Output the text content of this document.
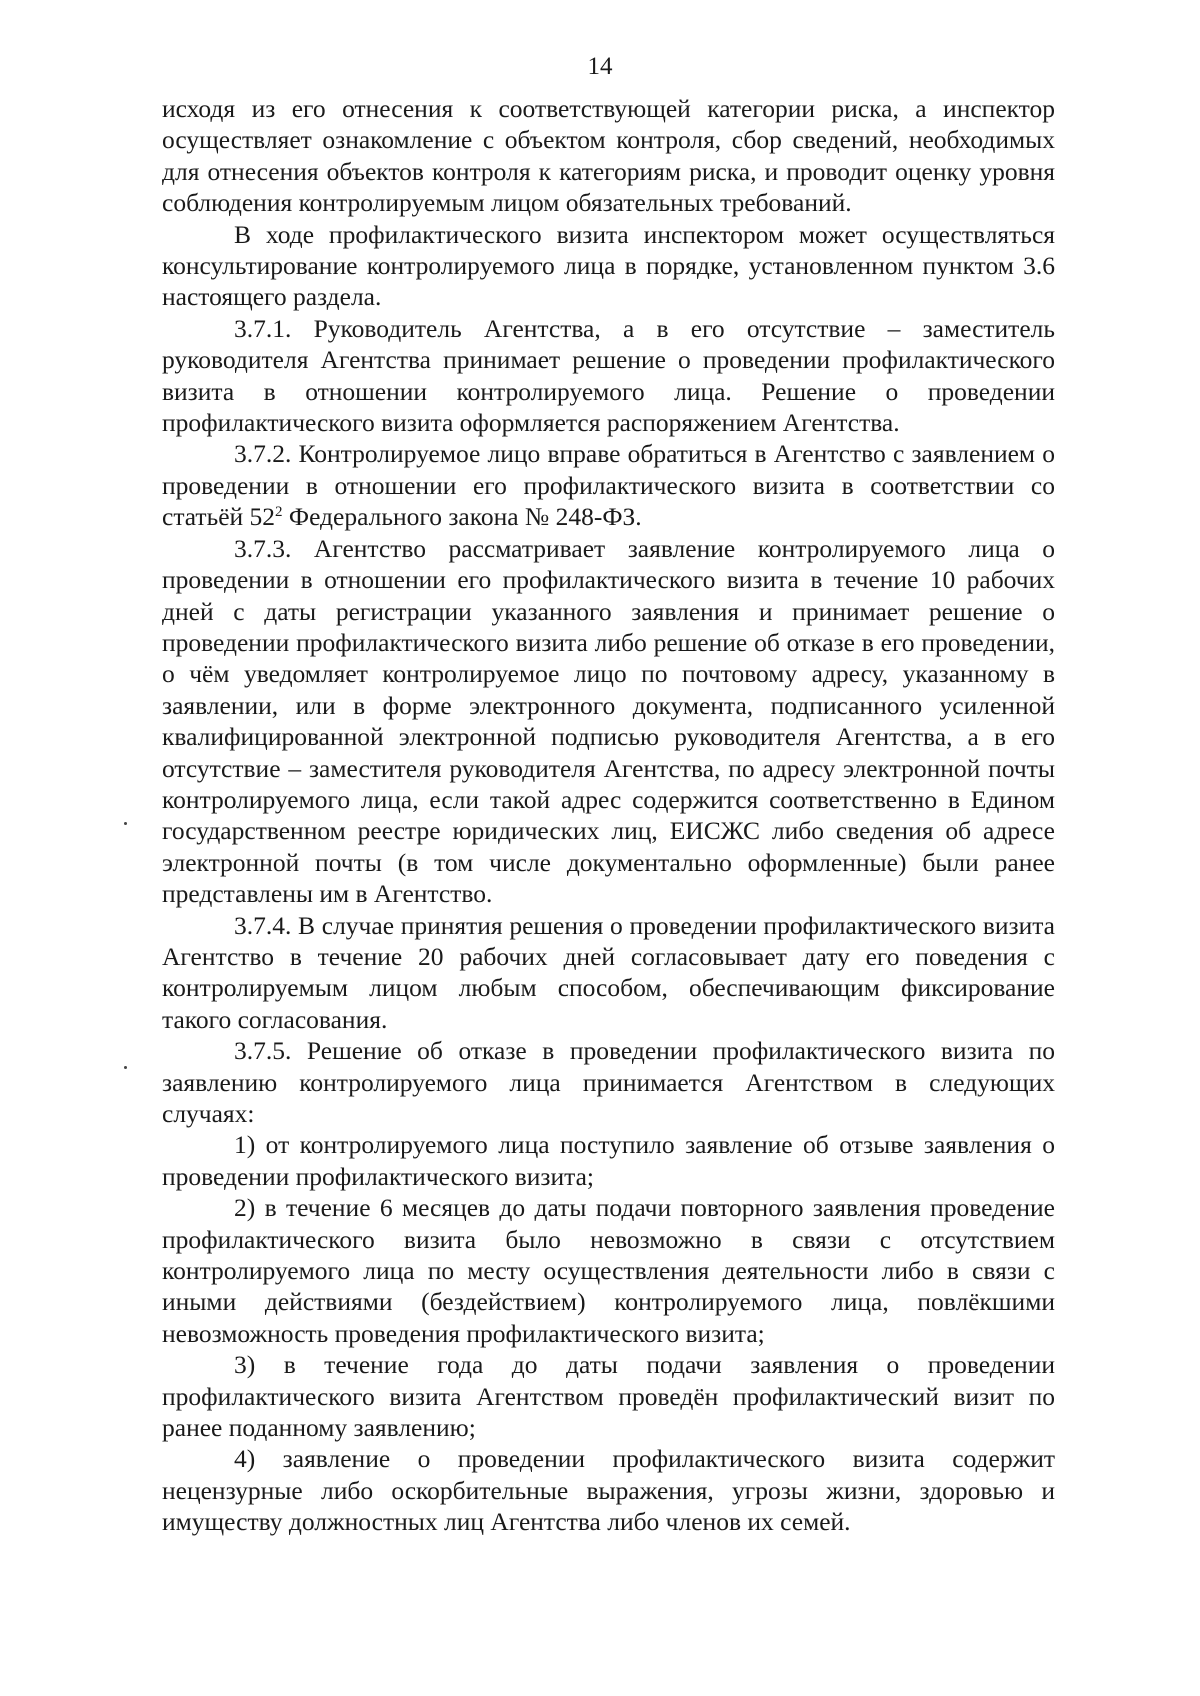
14

исходя из его отнесения к соответствующей категории риска, а инспектор осуществляет ознакомление с объектом контроля, сбор сведений, необходимых для отнесения объектов контроля к категориям риска, и проводит оценку уровня соблюдения контролируемым лицом обязательных требований.

В ходе профилактического визита инспектором может осуществляться консультирование контролируемого лица в порядке, установленном пунктом 3.6 настоящего раздела.

3.7.1. Руководитель Агентства, а в его отсутствие – заместитель руководителя Агентства принимает решение о проведении профилактического визита в отношении контролируемого лица. Решение о проведении профилактического визита оформляется распоряжением Агентства.

3.7.2. Контролируемое лицо вправе обратиться в Агентство с заявлением о проведении в отношении его профилактического визита в соответствии со статьёй $52^2$ Федерального закона № 248-ФЗ.

3.7.3. Агентство рассматривает заявление контролируемого лица о проведении в отношении его профилактического визита в течение 10 рабочих дней с даты регистрации указанного заявления и принимает решение о проведении профилактического визита либо решение об отказе в его проведении, о чём уведомляет контролируемое лицо по почтовому адресу, указанному в заявлении, или в форме электронного документа, подписанного усиленной квалифицированной электронной подписью руководителя Агентства, а в его отсутствие – заместителя руководителя Агентства, по адресу электронной почты контролируемого лица, если такой адрес содержится соответственно в Едином государственном реестре юридических лиц, ЕИСЖС либо сведения об адресе электронной почты (в том числе документально оформленные) были ранее представлены им в Агентство.

3.7.4. В случае принятия решения о проведении профилактического визита Агентство в течение 20 рабочих дней согласовывает дату его поведения с контролируемым лицом любым способом, обеспечивающим фиксирование такого согласования.

3.7.5. Решение об отказе в проведении профилактического визита по заявлению контролируемого лица принимается Агентством в следующих случаях:

1) от контролируемого лица поступило заявление об отзыве заявления о проведении профилактического визита;

2) в течение 6 месяцев до даты подачи повторного заявления проведение профилактического визита было невозможно в связи с отсутствием контролируемого лица по месту осуществления деятельности либо в связи с иными действиями (бездействием) контролируемого лица, повлёкшими невозможность проведения профилактического визита;

3) в течение года до даты подачи заявления о проведении профилактического визита Агентством проведён профилактический визит по ранее поданному заявлению;

4) заявление о проведении профилактического визита содержит нецензурные либо оскорбительные выражения, угрозы жизни, здоровью и имуществу должностных лиц Агентства либо членов их семей.
